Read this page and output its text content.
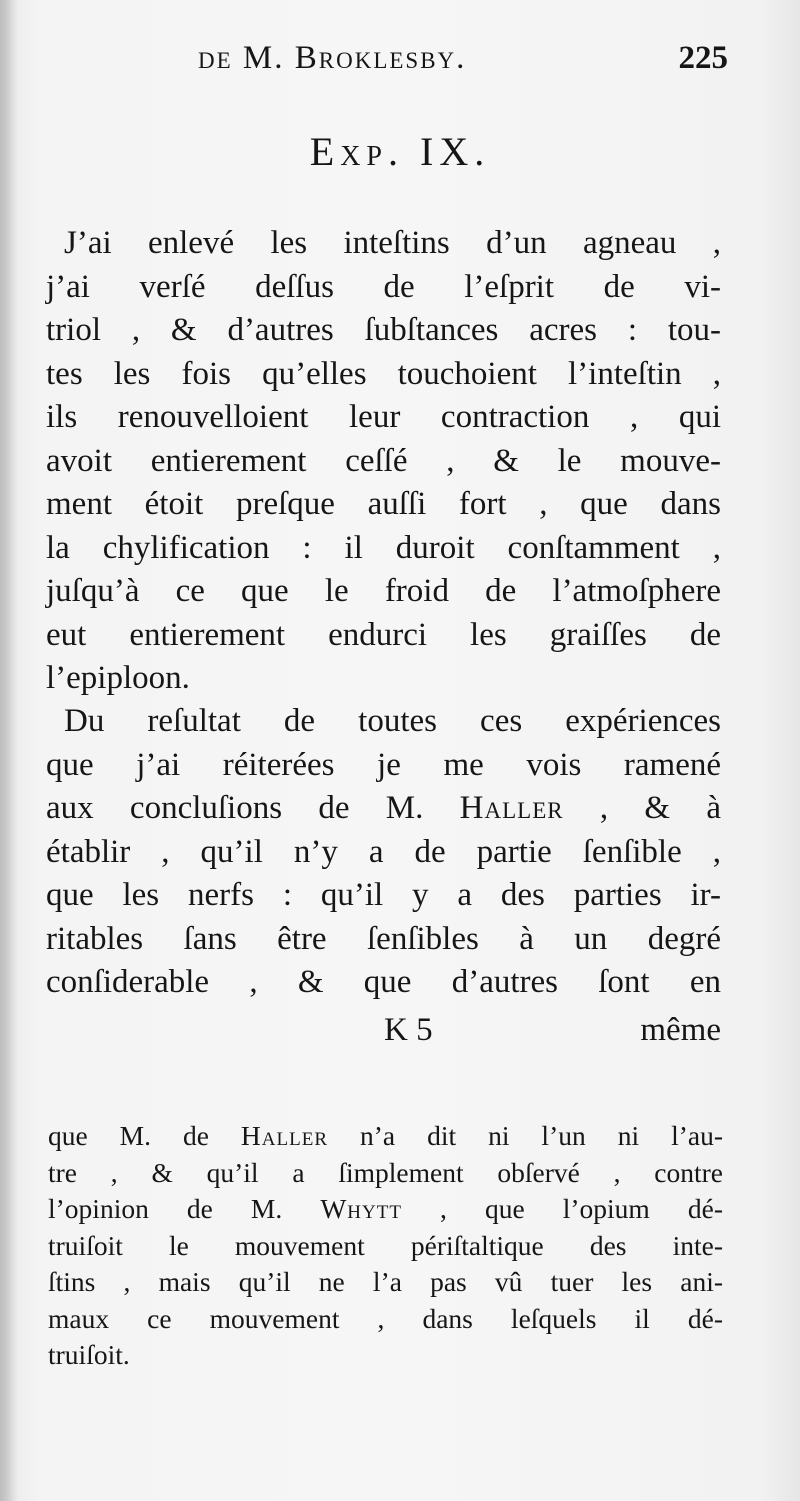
de M. Broklesby.	225
Exp. IX.
J’ai enlevé les inteſtins d’un agneau ,
j’ai verſé deſſus de l’eſprit de vi-
triol , & d’autres ſubſtances acres : tou-
tes les fois qu’elles touchoient l’inteſtin ,
ils renouvelloient leur contraction , qui
avoit entierement ceſſé , & le mouve-
ment étoit preſque auſſi fort , que dans
la chylification : il duroit conſtamment ,
juſqu’à ce que le froid de l’atmoſphere
eut entierement endurci les graiſſes de
l’epiploon.
Du reſultat de toutes ces expériences
que j’ai réiterées je me vois ramené
aux concluſions de M. Haller , & à
établir , qu’il n’y a de partie ſenſible ,
que les nerfs : qu’il y a des parties ir-
ritables ſans être ſenſibles à un degré
conſiderable , & que d’autres ſont en
K 5	même
que M. de Haller n’a dit ni l’un ni l’au-
tre , & qu’il a ſimplement obſervé , contre
l’opinion de M. Whytt , que l’opium dé-
truiſoit le mouvement périſtaltique des inte-
ſtins , mais qu’il ne l’a pas vû tuer les ani-
maux ce mouvement , dans leſquels il dé-
truiſoit.
